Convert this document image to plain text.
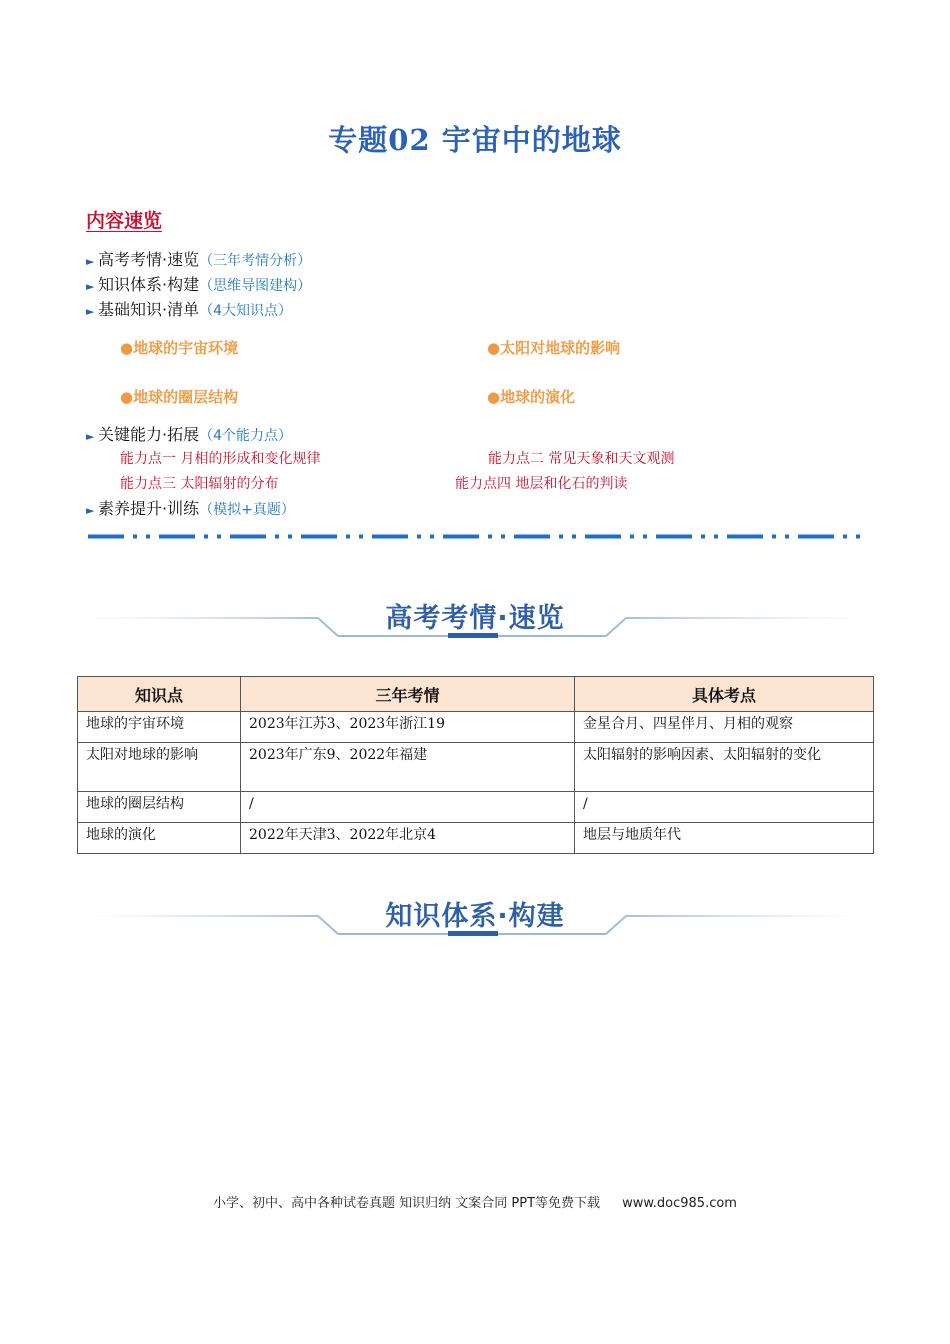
专题02 宇宙中的地球
内容速览
► 高考考情·速览（三年考情分析）
► 知识体系·构建（思维导图建构）
► 基础知识·清单（4大知识点）
●地球的宇宙环境	●太阳对地球的影响
●地球的圈层结构	●地球的演化
► 关键能力·拓展（4个能力点）
能力点一 月相的形成和变化规律	能力点二 常见天象和天文观测
能力点三 太阳辐射的分布	能力点四 地层和化石的判读
► 素养提升·训练（模拟+真题）
高考考情·速览
知识点	三年考情	具体考点
地球的宇宙环境	2023年江苏3、2023年浙江19	金星合月、四星伴月、月相的观察
太阳对地球的影响	2023年广东9、2022年福建	太阳辐射的影响因素、太阳辐射的变化
地球的圈层结构	/	/
地球的演化	2022年天津3、2022年北京4	地层与地质年代
知识体系·构建
小学、初中、高中各种试卷真题 知识归纳 文案合同 PPT等免费下载 www.doc985.com
